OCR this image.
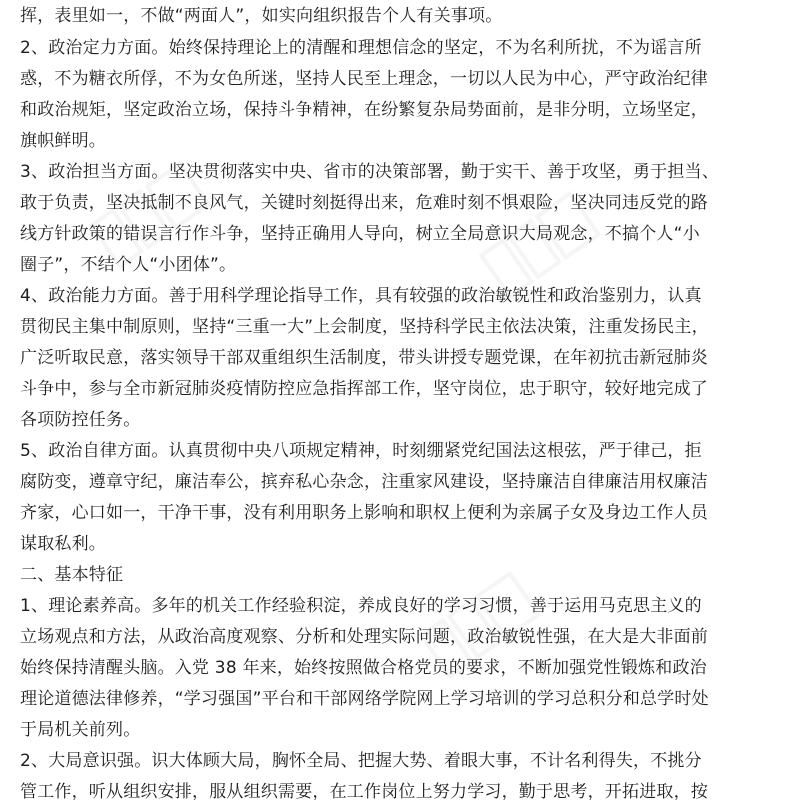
挥，表里如一，不做“两面人”，如实向组织报告个人有关事项。
2、政治定力方面。始终保持理论上的清醒和理想信念的坚定，不为名利所扰，不为谣言所
惑，不为糖衣所俘，不为女色所迷，坚持人民至上理念，一切以人民为中心，严守政治纪律
和政治规矩，坚定政治立场，保持斗争精神，在纷繁复杂局势面前，是非分明，立场坚定，
旗帜鲜明。
3、政治担当方面。坚决贯彻落实中央、省市的决策部署，勤于实干、善于攻坚，勇于担当、
敢于负责，坚决抵制不良风气，关键时刻挺得出来，危难时刻不惧艰险，坚决同违反党的路
线方针政策的错误言行作斗争，坚持正确用人导向，树立全局意识大局观念，不搞个人“小
圈子”，不结个人“小团体”。
4、政治能力方面。善于用科学理论指导工作，具有较强的政治敏锐性和政治鉴别力，认真
贯彻民主集中制原则，坚持“三重一大”上会制度，坚持科学民主依法决策，注重发扬民主，
广泛听取民意，落实领导干部双重组织生活制度，带头讲授专题党课，在年初抗击新冠肺炎
斗争中，参与全市新冠肺炎疫情防控应急指挥部工作，坚守岗位，忠于职守，较好地完成了
各项防控任务。
5、政治自律方面。认真贯彻中央八项规定精神，时刻绷紧党纪国法这根弦，严于律己，拒
腐防变，遵章守纪，廉洁奉公，摈弃私心杂念，注重家风建设，坚持廉洁自律廉洁用权廉洁
齐家，心口如一，干净干事，没有利用职务上影响和职权上便利为亲属子女及身边工作人员
谋取私利。
二、基本特征
1、理论素养高。多年的机关工作经验积淀，养成良好的学习习惯，善于运用马克思主义的
立场观点和方法，从政治高度观察、分析和处理实际问题，政治敏锐性强，在大是大非面前
始终保持清醒头脑。入党 38 年来，始终按照做合格党员的要求，不断加强党性锻炼和政治
理论道德法律修养，“学习强国”平台和干部网络学院网上学习培训的学习总积分和总学时处
于局机关前列。
2、大局意识强。识大体顾大局，胸怀全局、把握大势、着眼大事，不计名利得失，不挑分
管工作，听从组织安排，服从组织需要，在工作岗位上努力学习，勤于思考，开拓进取，按
